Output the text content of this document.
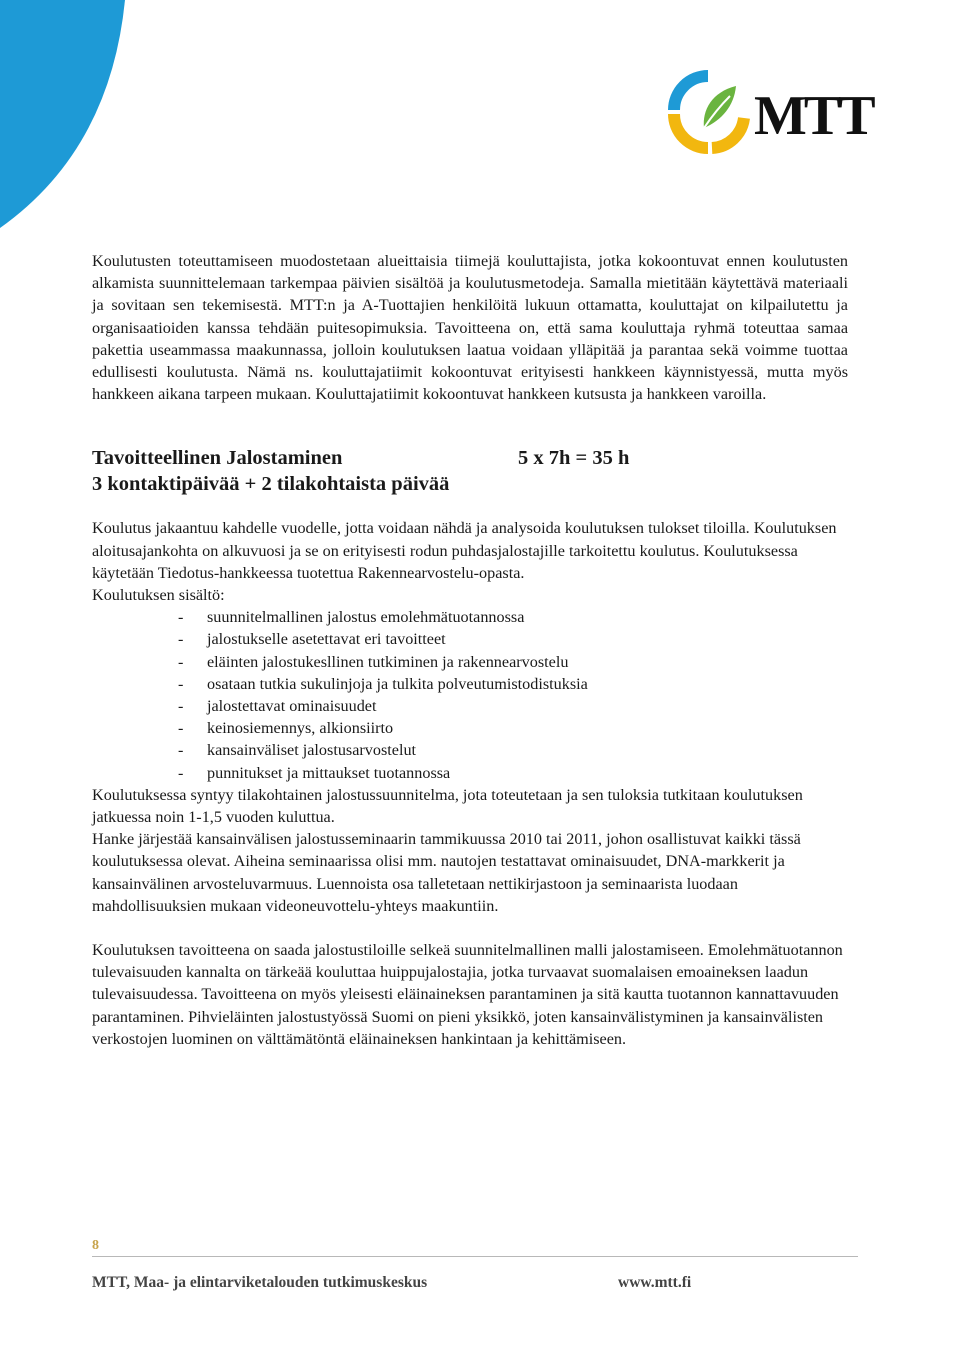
MTT

Koulutusten toteuttamiseen muodostetaan alueittaisia tiimejä kouluttajista, jotka kokoontuvat ennen koulutusten alkamista suunnittelemaan tarkempaa päivien sisältöä ja koulutusmetodeja. Samalla mietitään käytettävä materiaali ja sovitaan sen tekemisestä. MTT:n ja A-Tuottajien henkilöitä lukuun ottamatta, kouluttajat on kilpailutettu ja organisaatioiden kanssa tehdään puitesopimuksia. Tavoitteena on, että sama kouluttaja ryhmä toteuttaa samaa pakettia useammassa maakunnassa, jolloin koulutuksen laatua voidaan ylläpitää ja parantaa sekä voimme tuottaa edullisesti koulutusta. Nämä ns. kouluttajatiimit kokoontuvat erityisesti hankkeen käynnistyessä, mutta myös hankkeen aikana tarpeen mukaan. Kouluttajatiimit kokoontuvat hankkeen kutsusta ja hankkeen varoilla.

Tavoitteellinen Jalostaminen
3 kontaktipäivää + 2 tilakohtaista päivää
5 x 7h = 35 h

Koulutus jakaantuu kahdelle vuodelle, jotta voidaan nähdä ja analysoida koulutuksen tulokset tiloilla. Koulutuksen aloitusajankohta on alkuvuosi ja se on erityisesti rodun puhdasjalostajille tarkoitettu koulutus. Koulutuksessa käytetään Tiedotus-hankkeessa tuotettua Rakennearvostelu-opasta.

Koulutuksen sisältö:

- suunnitelmallinen jalostus emolehmätuotannossa
- jalostukselle asetettavat eri tavoitteet
- eläinten jalostukesllinen tutkiminen ja rakennearvostelu
- osataan tutkia sukulinjoja ja tulkita polveutumistodistuksia
- jalostettavat ominaisuudet
- keinosiemennys, alkionsiirto
- kansainväliset jalostusarvostelut
- punnitukset ja mittaukset tuotannossa

Koulutuksessa syntyy tilakohtainen jalostussuunnitelma, jota toteutetaan ja sen tuloksia tutkitaan koulutuksen jatkuessa noin 1-1,5 vuoden kuluttua.

Hanke järjestää kansainvälisen jalostusseminaarin tammikuussa 2010 tai 2011, johon osallistuvat kaikki tässä koulutuksessa olevat. Aiheina seminaarissa olisi mm. nautojen testattavat ominaisuudet, DNA-markkerit ja kansainvälinen arvosteluvarmuus. Luennoista osa talletetaan nettikirjastoon ja seminaarista luodaan mahdollisuuksien mukaan videoneuvottelu-yhteys maakuntiin.

Koulutuksen tavoitteena on saada jalostustiloille selkeä suunnitelmallinen malli jalostamiseen. Emolehmätuotannon tulevaisuuden kannalta on tärkeää kouluttaa huippujalostajia, jotka turvaavat suomalaisen emoaineksen laadun tulevaisuudessa. Tavoitteena on myös yleisesti eläinaineksen parantaminen ja sitä kautta tuotannon kannattavuuden parantaminen. Pihvieläinten jalostustyössä Suomi on pieni yksikkö, joten kansainvälistyminen ja kansainvälisten verkostojen luominen on välttämätöntä eläinaineksen hankintaan ja kehittämiseen.

8
MTT, Maa- ja elintarviketalouden tutkimuskeskus	www.mtt.fi
